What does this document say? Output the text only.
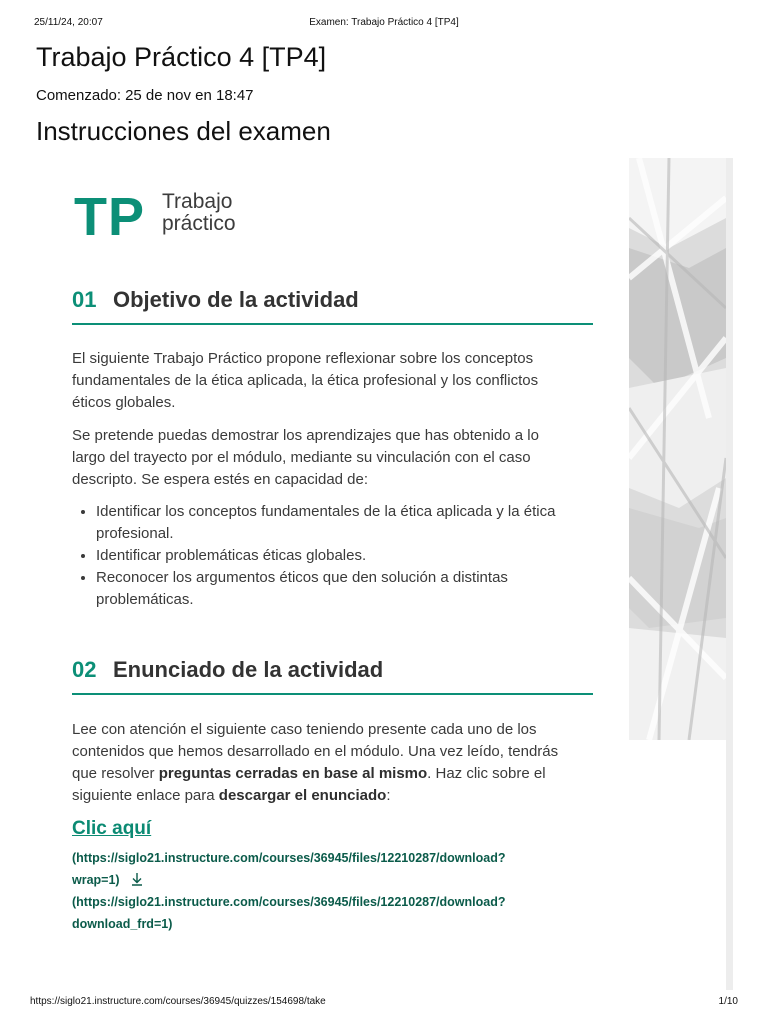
25/11/24, 20:07	Examen: Trabajo Práctico 4 [TP4]
Trabajo Práctico 4 [TP4]
Comenzado: 25 de nov en 18:47
Instrucciones del examen
TP Trabajo
práctico
01 Objetivo de la actividad

El siguiente Trabajo Práctico propone reflexionar sobre los conceptos
fundamentales de la ética aplicada, la ética profesional y los conflictos
éticos globales.

Se pretende puedas demostrar los aprendizajes que has obtenido a lo
largo del trayecto por el módulo, mediante su vinculación con el caso
descripto. Se espera estés en capacidad de:

• Identificar los conceptos fundamentales de la ética aplicada y la ética profesional.
• Identificar problemáticas éticas globales.
• Reconocer los argumentos éticos que den solución a distintas problemáticas.
02 Enunciado de la actividad

Lee con atención el siguiente caso teniendo presente cada uno de los
contenidos que hemos desarrollado en el módulo. Una vez leído, tendrás
que resolver preguntas cerradas en base al mismo. Haz clic sobre el
siguiente enlace para descargar el enunciado:

Clic aquí
(https://siglo21.instructure.com/courses/36945/files/12210287/download?
wrap=1)
(https://siglo21.instructure.com/courses/36945/files/12210287/download?
download_frd=1)
https://siglo21.instructure.com/courses/36945/quizzes/154698/take	1/10
